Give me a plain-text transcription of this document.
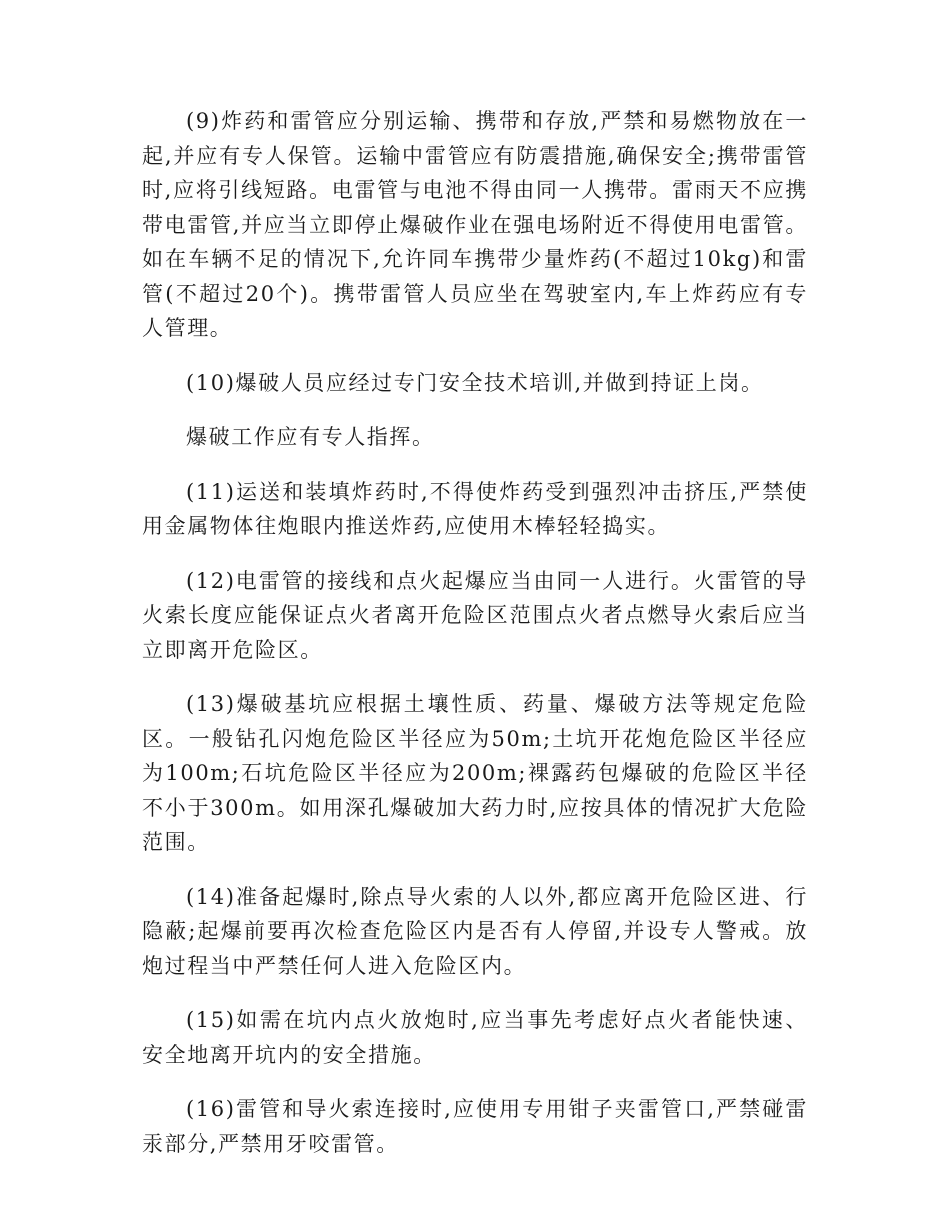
(9)炸药和雷管应分别运输、携带和存放,严禁和易燃物放在一起,并应有专人保管。运输中雷管应有防震措施,确保安全;携带雷管时,应将引线短路。电雷管与电池不得由同一人携带。雷雨天不应携带电雷管,并应当立即停止爆破作业在强电场附近不得使用电雷管。如在车辆不足的情况下,允许同车携带少量炸药(不超过10kg)和雷管(不超过20个)。携带雷管人员应坐在驾驶室内,车上炸药应有专人管理。

(10)爆破人员应经过专门安全技术培训,并做到持证上岗。

爆破工作应有专人指挥。

(11)运送和装填炸药时,不得使炸药受到强烈冲击挤压,严禁使用金属物体往炮眼内推送炸药,应使用木棒轻轻捣实。

(12)电雷管的接线和点火起爆应当由同一人进行。火雷管的导火索长度应能保证点火者离开危险区范围点火者点燃导火索后应当立即离开危险区。

(13)爆破基坑应根据土壤性质、药量、爆破方法等规定危险区。一般钻孔闪炮危险区半径应为50m;土坑开花炮危险区半径应为100m;石坑危险区半径应为200m;裸露药包爆破的危险区半径不小于300m。如用深孔爆破加大药力时,应按具体的情况扩大危险范围。

(14)准备起爆时,除点导火索的人以外,都应离开危险区进、行隐蔽;起爆前要再次检查危险区内是否有人停留,并设专人警戒。放炮过程当中严禁任何人进入危险区内。

(15)如需在坑内点火放炮时,应当事先考虑好点火者能快速、安全地离开坑内的安全措施。

(16)雷管和导火索连接时,应使用专用钳子夹雷管口,严禁碰雷汞部分,严禁用牙咬雷管。
